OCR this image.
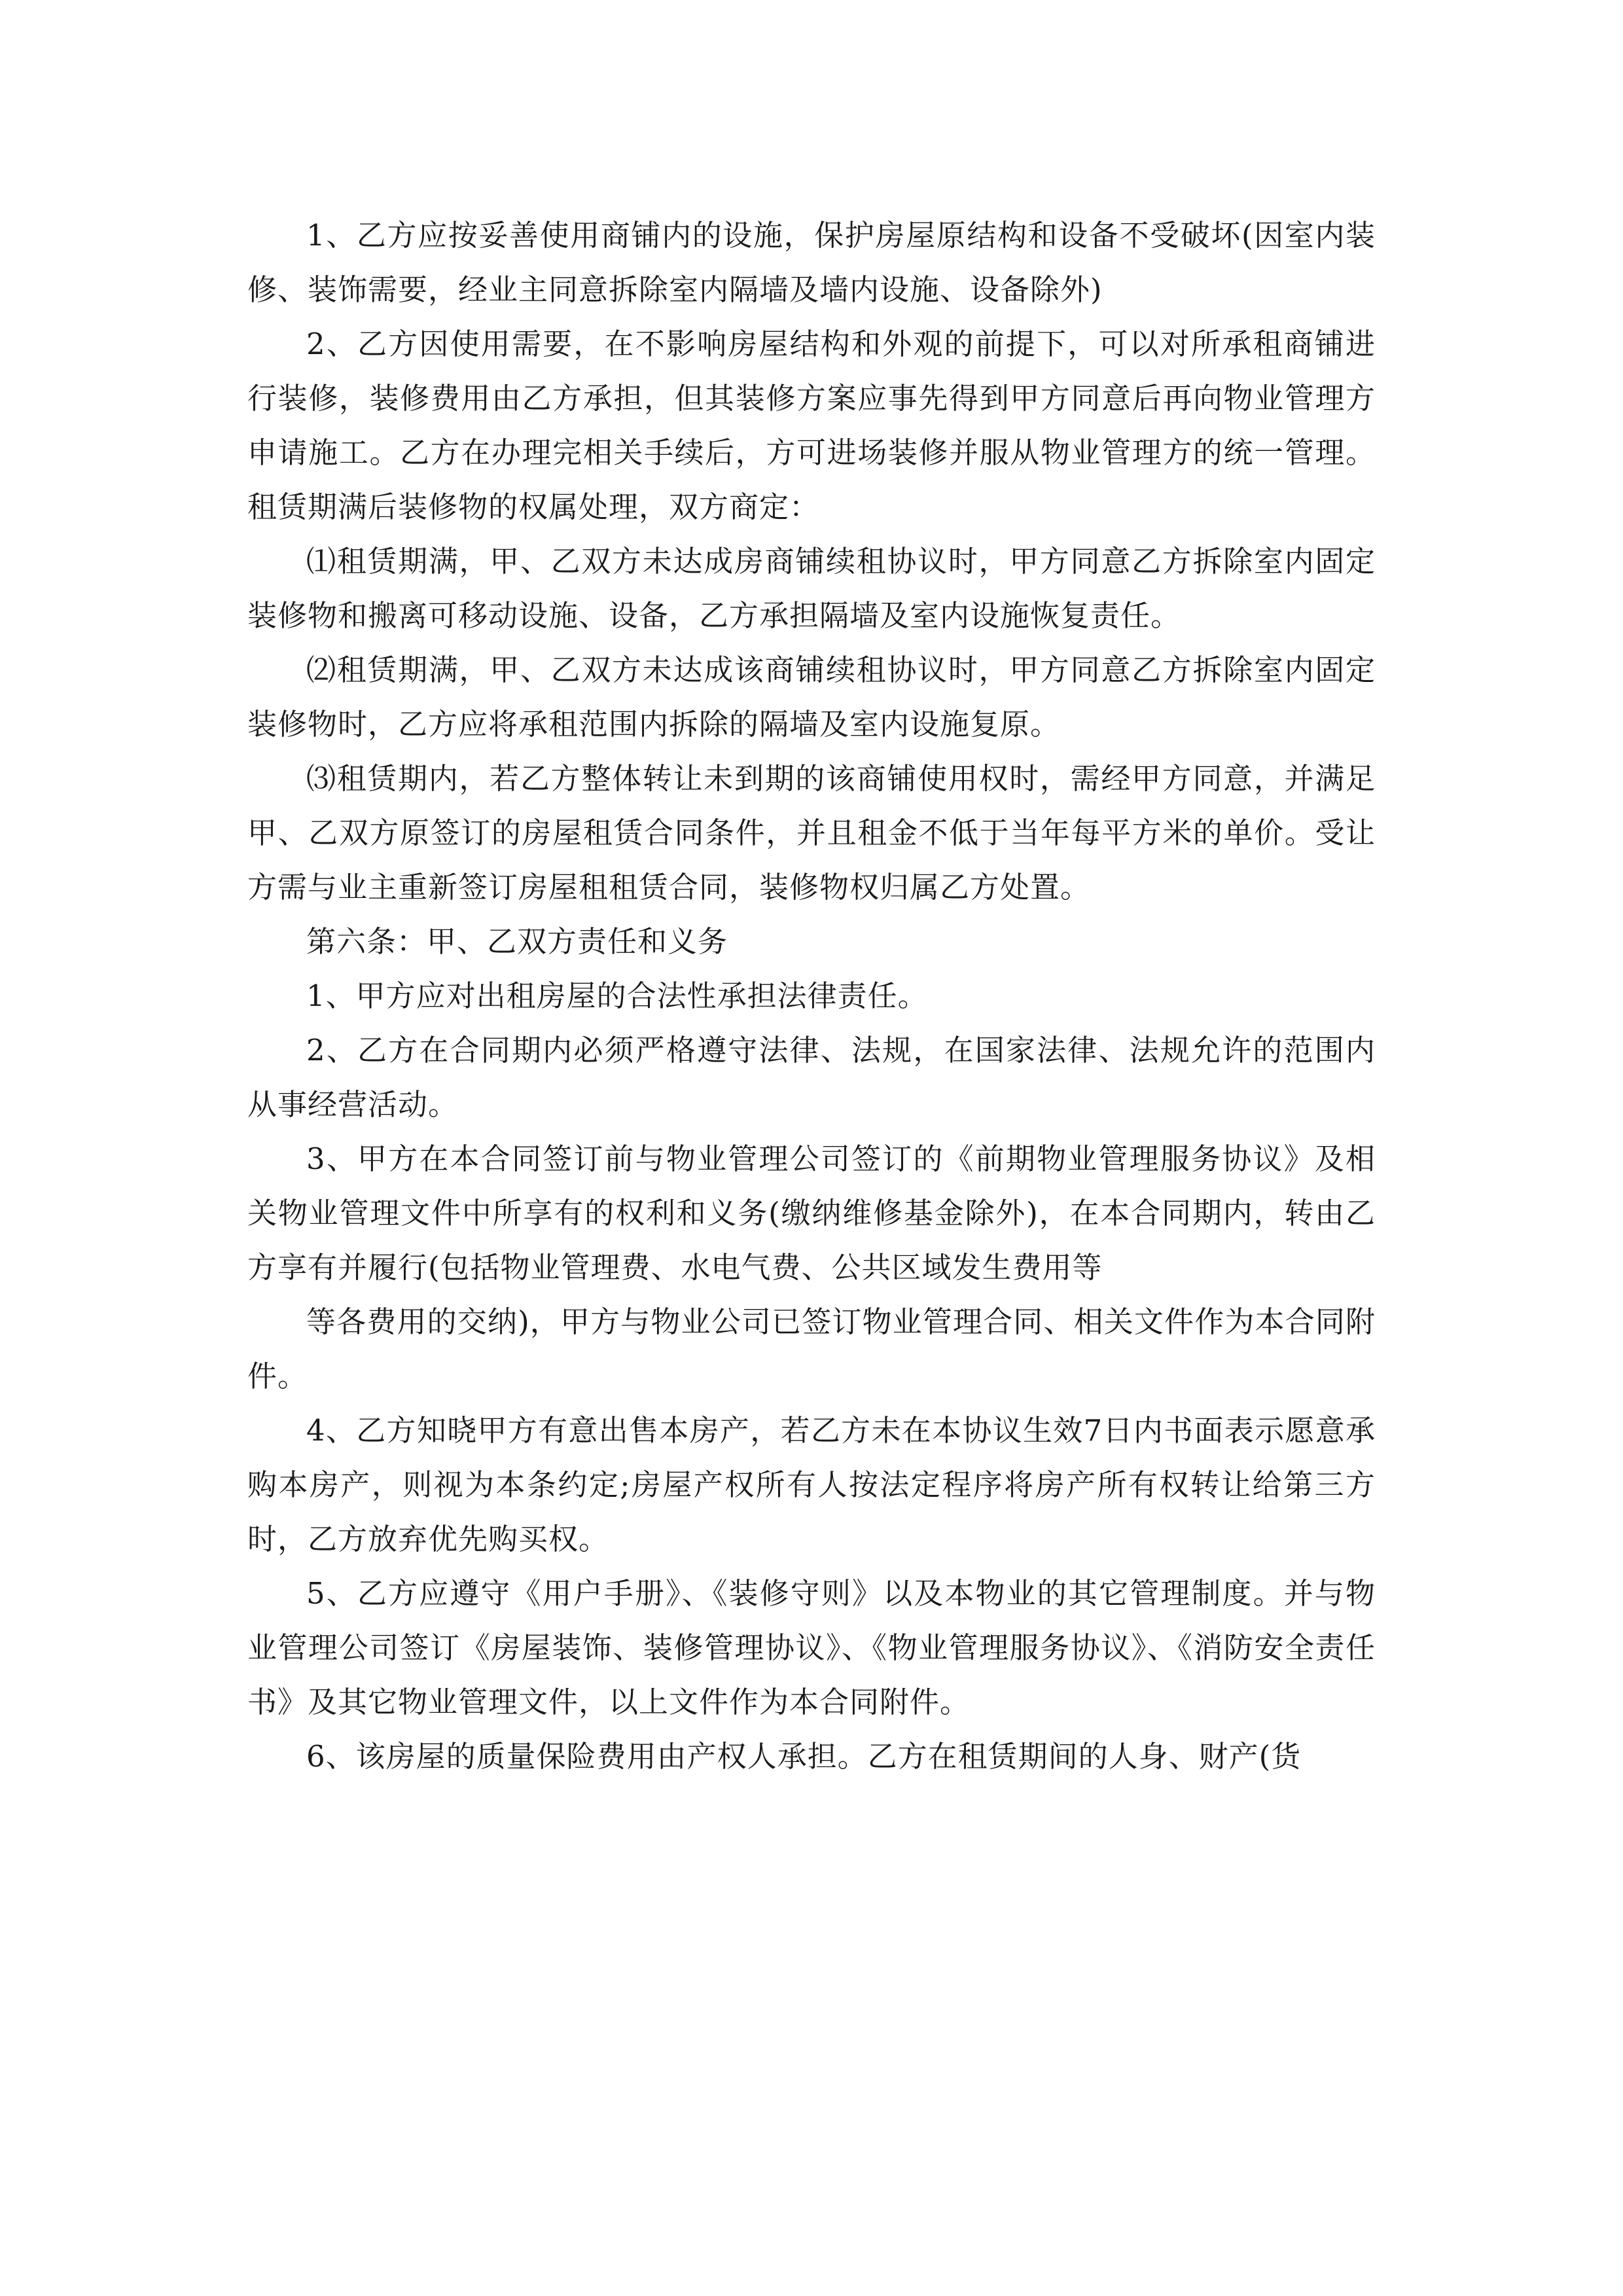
1、乙方应按妥善使用商铺内的设施，保护房屋原结构和设备不受破坏(因室内装修、装饰需要，经业主同意拆除室内隔墙及墙内设施、设备除外)

2、乙方因使用需要，在不影响房屋结构和外观的前提下，可以对所承租商铺进行装修，装修费用由乙方承担，但其装修方案应事先得到甲方同意后再向物业管理方申请施工。乙方在办理完相关手续后，方可进场装修并服从物业管理方的统一管理。租赁期满后装修物的权属处理，双方商定：

⑴租赁期满，甲、乙双方未达成房商铺续租协议时，甲方同意乙方拆除室内固定装修物和搬离可移动设施、设备，乙方承担隔墙及室内设施恢复责任。

⑵租赁期满，甲、乙双方未达成该商铺续租协议时，甲方同意乙方拆除室内固定装修物时，乙方应将承租范围内拆除的隔墙及室内设施复原。

⑶租赁期内，若乙方整体转让未到期的该商铺使用权时，需经甲方同意，并满足甲、乙双方原签订的房屋租赁合同条件，并且租金不低于当年每平方米的单价。受让方需与业主重新签订房屋租租赁合同，装修物权归属乙方处置。

第六条：甲、乙双方责任和义务

1、甲方应对出租房屋的合法性承担法律责任。

2、乙方在合同期内必须严格遵守法律、法规，在国家法律、法规允许的范围内从事经营活动。

3、甲方在本合同签订前与物业管理公司签订的《前期物业管理服务协议》及相关物业管理文件中所享有的权利和义务(缴纳维修基金除外)，在本合同期内，转由乙方享有并履行(包括物业管理费、水电气费、公共区域发生费用等

等各费用的交纳)，甲方与物业公司已签订物业管理合同、相关文件作为本合同附件。

4、乙方知晓甲方有意出售本房产，若乙方未在本协议生效7日内书面表示愿意承购本房产，则视为本条约定;房屋产权所有人按法定程序将房产所有权转让给第三方时，乙方放弃优先购买权。

5、乙方应遵守《用户手册》、《装修守则》以及本物业的其它管理制度。并与物业管理公司签订《房屋装饰、装修管理协议》、《物业管理服务协议》、《消防安全责任书》及其它物业管理文件，以上文件作为本合同附件。

6、该房屋的质量保险费用由产权人承担。乙方在租赁期间的人身、财产(货
